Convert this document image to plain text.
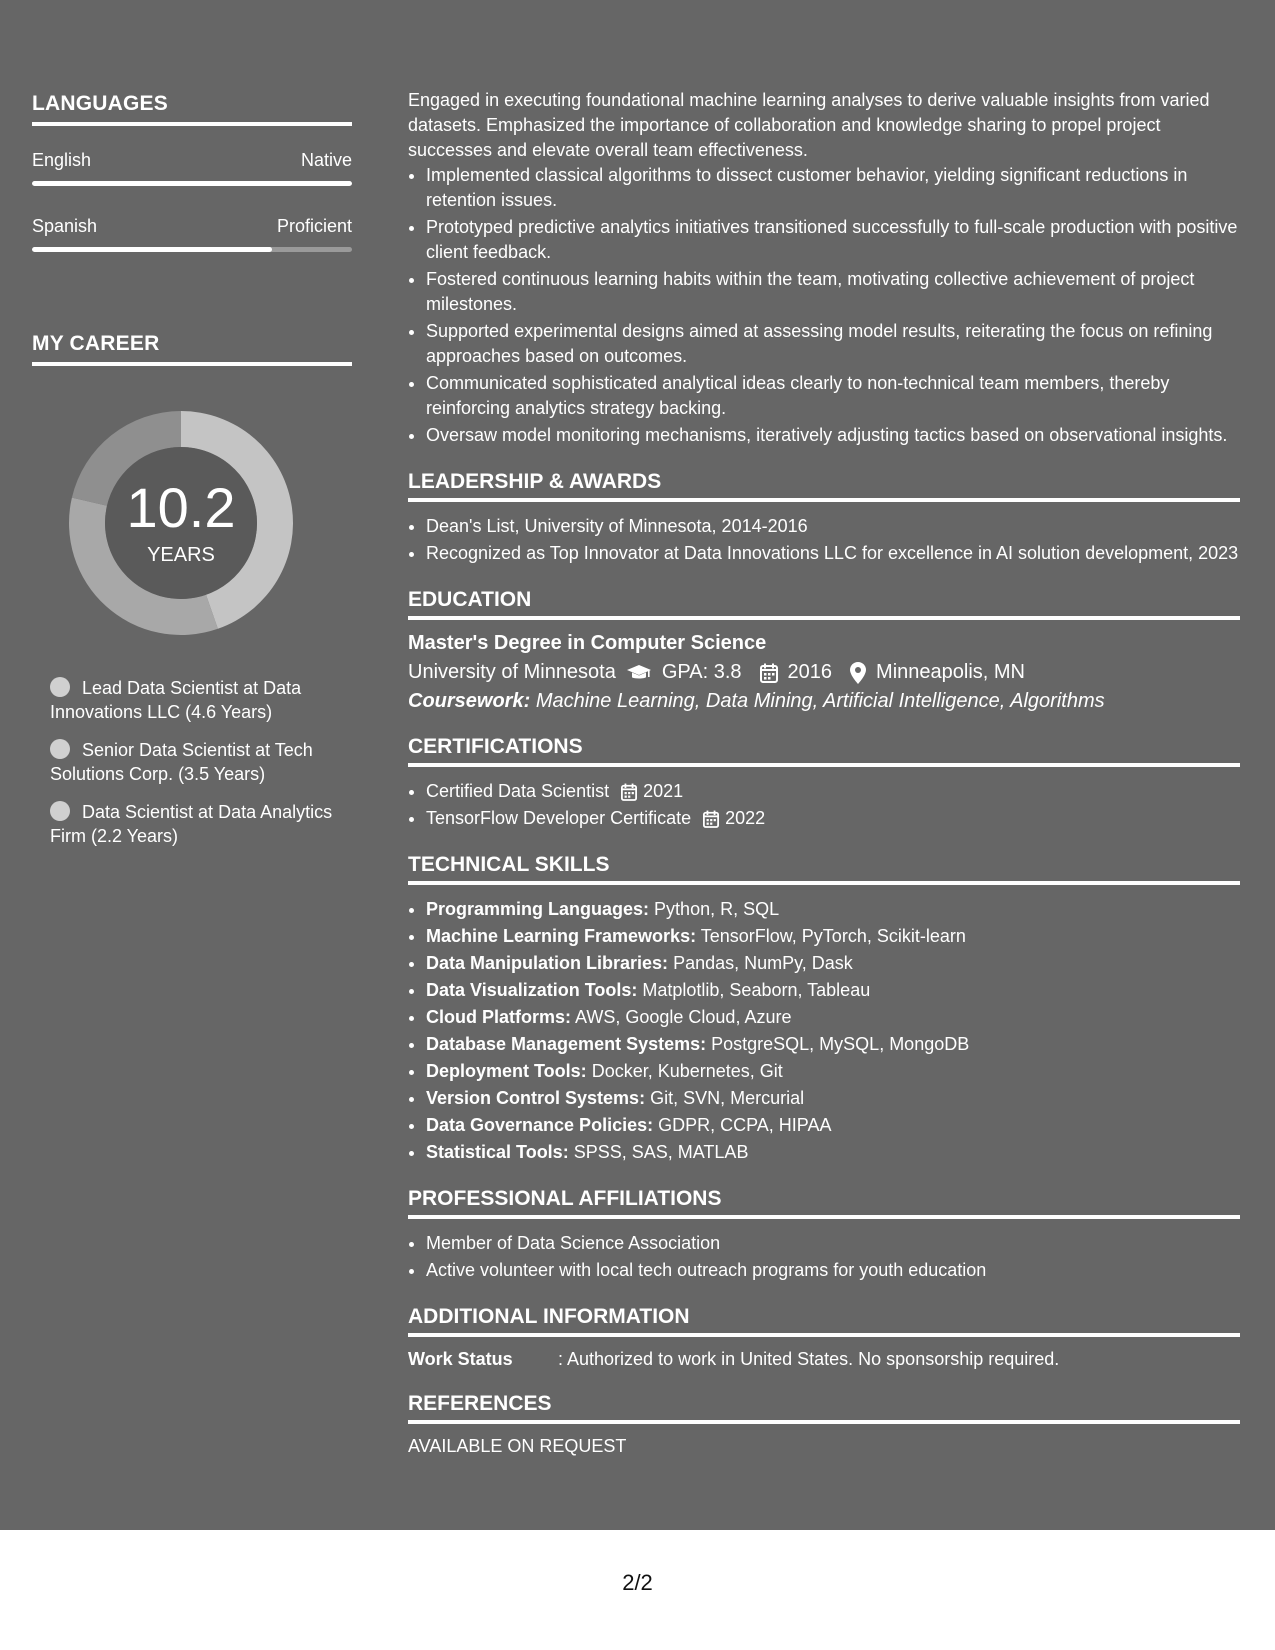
LANGUAGES
English	Native
Spanish	Proficient
MY CAREER
10.2
YEARS
Lead Data Scientist at Data Innovations LLC (4.6 Years)
Senior Data Scientist at Tech Solutions Corp. (3.5 Years)
Data Scientist at Data Analytics Firm (2.2 Years)

Engaged in executing foundational machine learning analyses to derive valuable insights from varied datasets. Emphasized the importance of collaboration and knowledge sharing to propel project successes and elevate overall team effectiveness.

• Implemented classical algorithms to dissect customer behavior, yielding significant reductions in retention issues.
• Prototyped predictive analytics initiatives transitioned successfully to full-scale production with positive client feedback.
• Fostered continuous learning habits within the team, motivating collective achievement of project milestones.
• Supported experimental designs aimed at assessing model results, reiterating the focus on refining approaches based on outcomes.
• Communicated sophisticated analytical ideas clearly to non-technical team members, thereby reinforcing analytics strategy backing.
• Oversaw model monitoring mechanisms, iteratively adjusting tactics based on observational insights.
LEADERSHIP & AWARDS
• Dean's List, University of Minnesota, 2014-2016
• Recognized as Top Innovator at Data Innovations LLC for excellence in AI solution development, 2023
EDUCATION

Master's Degree in Computer Science

University of Minnesota GPA: 3.8 2016 Minneapolis, MN

Coursework: Machine Learning, Data Mining, Artificial Intelligence, Algorithms

CERTIFICATIONS
• Certified Data Scientist 2021
• TensorFlow Developer Certificate 2022
TECHNICAL SKILLS
• Programming Languages: Python, R, SQL
• Machine Learning Frameworks: TensorFlow, PyTorch, Scikit-learn
• Data Manipulation Libraries: Pandas, NumPy, Dask
• Data Visualization Tools: Matplotlib, Seaborn, Tableau
• Cloud Platforms: AWS, Google Cloud, Azure
• Database Management Systems: PostgreSQL, MySQL, MongoDB
• Deployment Tools: Docker, Kubernetes, Git
• Version Control Systems: Git, SVN, Mercurial
• Data Governance Policies: GDPR, CCPA, HIPAA
• Statistical Tools: SPSS, SAS, MATLAB
PROFESSIONAL AFFILIATIONS
• Member of Data Science Association
• Active volunteer with local tech outreach programs for youth education
ADDITIONAL INFORMATION
Work Status	: Authorized to work in United States. No sponsorship required.
REFERENCES
AVAILABLE ON REQUEST
2/2
